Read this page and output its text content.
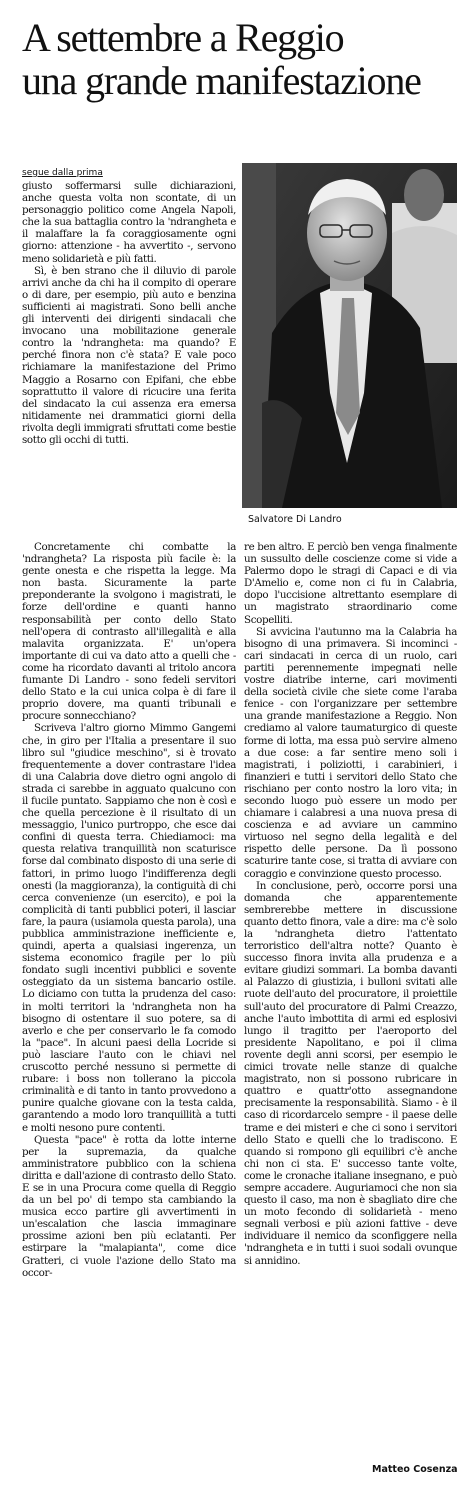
A settembre a Reggio
una grande manifestazione

segue dalla prima

giusto soffermarsi sulle dichiarazioni, anche questa volta non scontate, di un personaggio politico come Angela Napoli, che la sua battaglia contro la 'ndrangheta e il malaffare la fa coraggiosamente ogni giorno: attenzione - ha avvertito -, servono meno solidarietà e più fatti.

Sì, è ben strano che il diluvio di parole arrivi anche da chi ha il compito di operare o di dare, per esempio, più auto e benzina sufficienti ai magistrati. Sono belli anche gli interventi dei dirigenti sindacali che invocano una mobilitazione generale contro la 'ndrangheta: ma quando? E perché finora non c'è stata? E vale poco richiamare la manifestazione del Primo Maggio a Rosarno con Epifani, che ebbe soprattutto il valore di ricucire una ferita del sindacato la cui assenza era emersa nitidamente nei drammatici giorni della rivolta degli immigrati sfruttati come bestie sotto gli occhi di tutti.

Salvatore Di Landro

Concretamente chi combatte la 'ndrangheta? La risposta più facile è: la gente onesta e che rispetta la legge. Ma non basta. Sicuramente la parte preponderante la svolgono i magistrati, le forze dell'ordine e quanti hanno responsabilità per conto dello Stato nell'opera di contrasto all'illegalità e alla malavita organizzata. E' un'opera importante di cui va dato atto a quelli che - come ha ricordato davanti al tritolo ancora fumante Di Landro - sono fedeli servitori dello Stato e la cui unica colpa è di fare il proprio dovere, ma quanti tribunali e procure sonnecchiano?

Scriveva l'altro giorno Mimmo Gangemi che, in giro per l'Italia a presentare il suo libro sul "giudice meschino", si è trovato frequentemente a dover contrastare l'idea di una Calabria dove dietro ogni angolo di strada ci sarebbe in agguato qualcuno con il fucile puntato. Sappiamo che non è così e che quella percezione è il risultato di un messaggio, l'unico purtroppo, che esce dai confini di questa terra. Chiediamoci: ma questa relativa tranquillità non scaturisce forse dal combinato disposto di una serie di fattori, in primo luogo l'indifferenza degli onesti (la maggioranza), la contiguità di chi cerca convenienze (un esercito), e poi la complicità di tanti pubblici poteri, il lasciar fare, la paura (usiamola questa parola), una pubblica amministrazione inefficiente e, quindi, aperta a qualsiasi ingerenza, un sistema economico fragile per lo più fondato sugli incentivi pubblici e sovente osteggiato da un sistema bancario ostile. Lo diciamo con tutta la prudenza del caso: in molti territori la 'ndrangheta non ha bisogno di ostentare il suo potere, sa di averlo e che per conservarlo le fa comodo la "pace". In alcuni paesi della Locride si può lasciare l'auto con le chiavi nel cruscotto perché nessuno si permette di rubare: i boss non tollerano la piccola criminalità e di tanto in tanto provvedono a punire qualche giovane con la testa calda, garantendo a modo loro tranquillità a tutti e molti nesono pure contenti.

Questa "pace" è rotta da lotte interne per la supremazia, da qualche amministratore pubblico con la schiena diritta e dall'azione di contrasto dello Stato. E se in una Procura come quella di Reggio da un bel po' di tempo sta cambiando la musica ecco partire gli avvertimenti in un'escalation che lascia immaginare prossime azioni ben più eclatanti. Per estirpare la "malapianta", come dice Gratteri, ci vuole l'azione dello Stato ma occor-

re ben altro. E perciò ben venga finalmente un sussulto delle coscienze come si vide a Palermo dopo le stragi di Capaci e di via D'Amelio e, come non ci fu in Calabria, dopo l'uccisione altrettanto esemplare di un magistrato straordinario come Scopelliti.

Si avvicina l'autunno ma la Calabria ha bisogno di una primavera. Si incominci - cari sindacati in cerca di un ruolo, cari partiti perennemente impegnati nelle vostre diatribe interne, cari movimenti della società civile che siete come l'araba fenice - con l'organizzare per settembre una grande manifestazione a Reggio. Non crediamo al valore taumaturgico di queste forme di lotta, ma essa può servire almeno a due cose: a far sentire meno soli i magistrati, i poliziotti, i carabinieri, i finanzieri e tutti i servitori dello Stato che rischiano per conto nostro la loro vita; in secondo luogo può essere un modo per chiamare i calabresi a una nuova presa di coscienza e ad avviare un cammino virtuoso nel segno della legalità e del rispetto delle persone. Da lì possono scaturire tante cose, si tratta di avviare con coraggio e convinzione questo processo.

In conclusione, però, occorre porsi una domanda che apparentemente sembrerebbe mettere in discussione quanto detto finora, vale a dire: ma c'è solo la 'ndrangheta dietro l'attentato terroristico dell'altra notte? Quanto è successo finora invita alla prudenza e a evitare giudizi sommari. La bomba davanti al Palazzo di giustizia, i bulloni svitati alle ruote dell'auto del procuratore, il proiettile sull'auto del procuratore di Palmi Creazzo, anche l'auto imbottita di armi ed esplosivi lungo il tragitto per l'aeroporto del presidente Napolitano, e poi il clima rovente degli anni scorsi, per esempio le cimici trovate nelle stanze di qualche magistrato, non si possono rubricare in quattro e quattr'otto assegnandone precisamente la responsabilità. Siamo - è il caso di ricordarcelo sempre - il paese delle trame e dei misteri e che ci sono i servitori dello Stato e quelli che lo tradiscono. E quando si rompono gli equilibri c'è anche chi non ci sta. E' successo tante volte, come le cronache italiane insegnano, e può sempre accadere. Auguriamoci che non sia questo il caso, ma non è sbagliato dire che un moto fecondo di solidarietà - meno segnali verbosi e più azioni fattive - deve individuare il nemico da sconfiggere nella 'ndrangheta e in tutti i suoi sodali ovunque si annidino.

Matteo Cosenza
